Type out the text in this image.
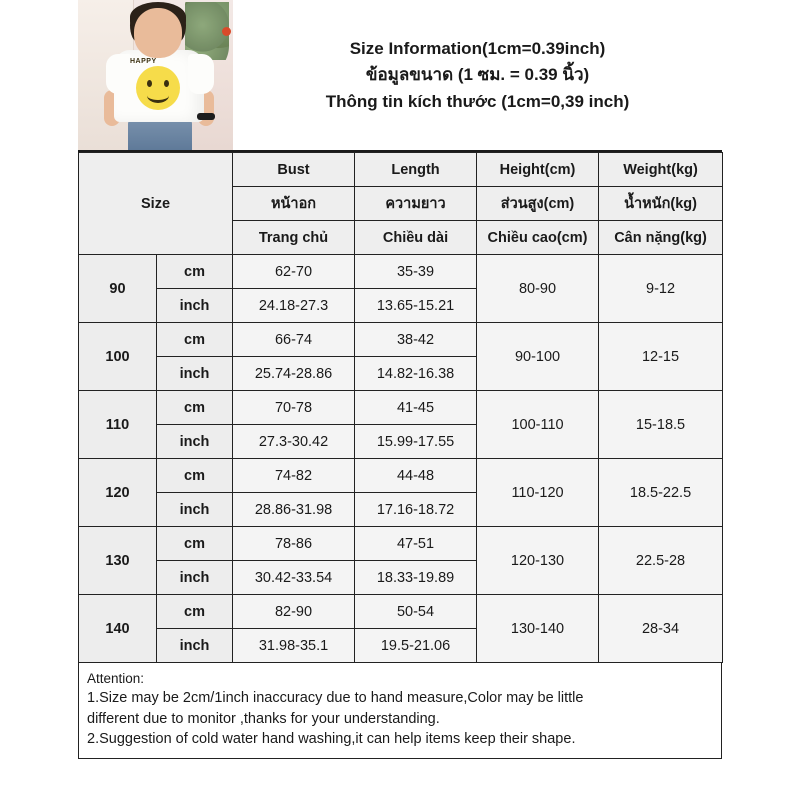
HAPPY
Size Information(1cm=0.39inch)
ข้อมูลขนาด (1 ซม. = 0.39 นิ้ว)
Thông tin kích thước (1cm=0,39 inch)
Size		Bust	Length	Height(cm)	Weight(kg)
		หน้าอก	ความยาว	ส่วนสูง(cm)	น้ำหนัก(kg)
		Trang chủ	Chiều dài	Chiều cao(cm)	Cân nặng(kg)
90	cm	62-70	35-39	80-90	9-12
	inch	24.18-27.3	13.65-15.21		
100	cm	66-74	38-42	90-100	12-15
	inch	25.74-28.86	14.82-16.38		
110	cm	70-78	41-45	100-110	15-18.5
	inch	27.3-30.42	15.99-17.55		
120	cm	74-82	44-48	110-120	18.5-22.5
	inch	28.86-31.98	17.16-18.72		
130	cm	78-86	47-51	120-130	22.5-28
	inch	30.42-33.54	18.33-19.89		
140	cm	82-90	50-54	130-140	28-34
	inch	31.98-35.1	19.5-21.06		
Attention:
1.Size may be 2cm/1inch inaccuracy due to hand measure,Color may be little
different due to monitor ,thanks for your understanding.
2.Suggestion of cold water hand washing,it can help items keep their shape.
